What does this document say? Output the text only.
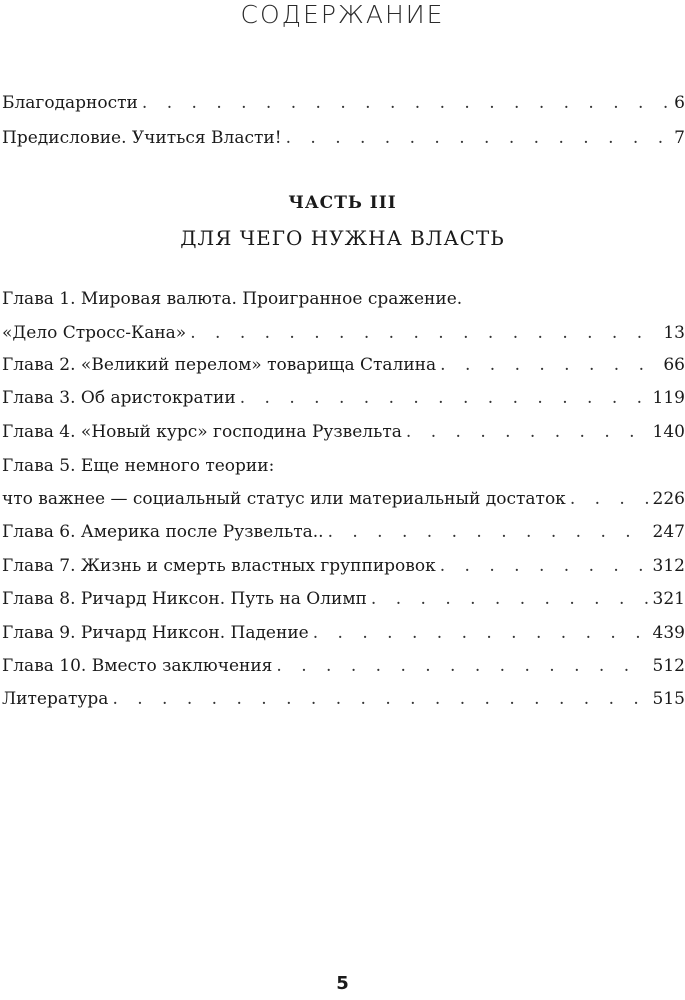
СОДЕРЖАНИЕ
Благодарности . . .	6
Предисловие. Учиться Власти! . . .	7
ЧАСТЬ III
ДЛЯ ЧЕГО НУЖНА ВЛАСТЬ
Глава 1. Мировая валюта. Проигранное сражение.
«Дело Стросс-Кана» . . .	13
Глава 2. «Великий перелом» товарища Сталина . . .	66
Глава 3. Об аристократии . . .	119
Глава 4. «Новый курс» господина Рузвельта . . .	140
Глава 5. Еще немного теории:
что важнее — социальный статус или материальный достаток . . .	226
Глава 6. Америка после Рузвельта.. . . .	247
Глава 7. Жизнь и смерть властных группировок . . .	312
Глава 8. Ричард Никсон. Путь на Олимп . . .	321
Глава 9. Ричард Никсон. Падение . . .	439
Глава 10. Вместо заключения . . .	512
Литература . . .	515
5
